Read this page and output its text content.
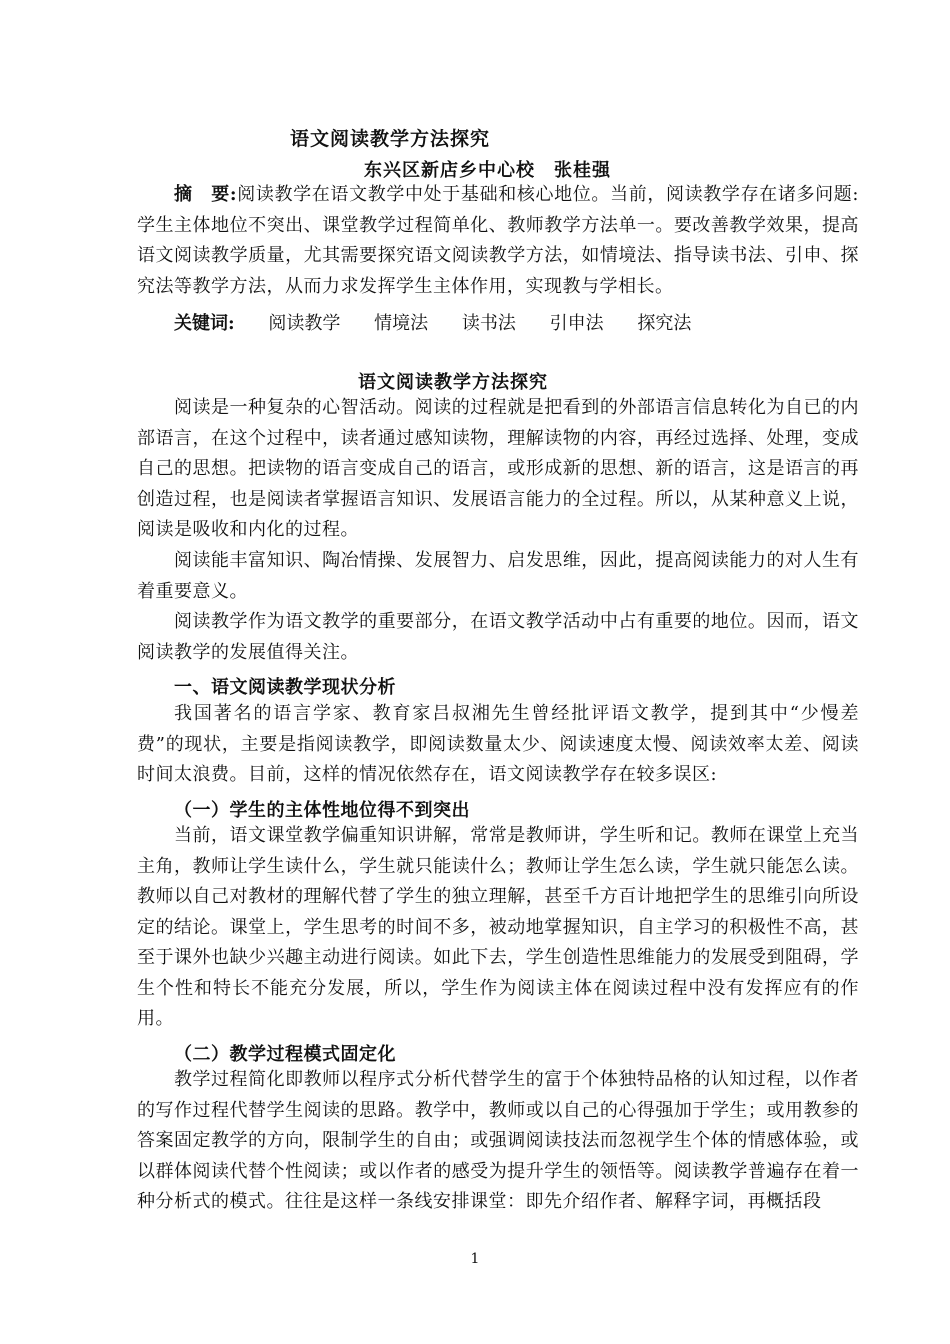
语文阅读教学方法探究
东兴区新店乡中心校　张桂强
摘　要:阅读教学在语文教学中处于基础和核心地位。当前，阅读教学存在诸多问题:学生主体地位不突出、课堂教学过程简单化、教师教学方法单一。要改善教学效果，提高语文阅读教学质量，尤其需要探究语文阅读教学方法，如情境法、指导读书法、引申、探究法等教学方法，从而力求发挥学生主体作用，实现教与学相长。
关键词: 阅读教学 情境法 读书法 引申法 探究法
语文阅读教学方法探究
阅读是一种复杂的心智活动。阅读的过程就是把看到的外部语言信息转化为自已的内部语言，在这个过程中，读者通过感知读物，理解读物的内容，再经过选择、处理，变成自己的思想。把读物的语言变成自己的语言，或形成新的思想、新的语言，这是语言的再创造过程，也是阅读者掌握语言知识、发展语言能力的全过程。所以，从某种意义上说，阅读是吸收和内化的过程。
阅读能丰富知识、陶冶情操、发展智力、启发思维，因此，提高阅读能力的对人生有着重要意义。
阅读教学作为语文教学的重要部分，在语文教学活动中占有重要的地位。因而，语文阅读教学的发展值得关注。
一、语文阅读教学现状分析
我国著名的语言学家、教育家吕叔湘先生曾经批评语文教学，提到其中“少慢差费”的现状，主要是指阅读教学，即阅读数量太少、阅读速度太慢、阅读效率太差、阅读时间太浪费。目前，这样的情况依然存在，语文阅读教学存在较多误区:
（一）学生的主体性地位得不到突出
当前，语文课堂教学偏重知识讲解，常常是教师讲，学生听和记。教师在课堂上充当主角，教师让学生读什么，学生就只能读什么；教师让学生怎么读，学生就只能怎么读。教师以自己对教材的理解代替了学生的独立理解，甚至千方百计地把学生的思维引向所设定的结论。课堂上，学生思考的时间不多，被动地掌握知识，自主学习的积极性不高，甚至于课外也缺少兴趣主动进行阅读。如此下去，学生创造性思维能力的发展受到阻碍，学生个性和特长不能充分发展，所以，学生作为阅读主体在阅读过程中没有发挥应有的作用。
（二）教学过程模式固定化
教学过程简化即教师以程序式分析代替学生的富于个体独特品格的认知过程，以作者的写作过程代替学生阅读的思路。教学中，教师或以自己的心得强加于学生；或用教参的答案固定教学的方向，限制学生的自由；或强调阅读技法而忽视学生个体的情感体验，或以群体阅读代替个性阅读；或以作者的感受为提升学生的领悟等。阅读教学普遍存在着一种分析式的模式。往往是这样一条线安排课堂：即先介绍作者、解释字词，再概括段
1
